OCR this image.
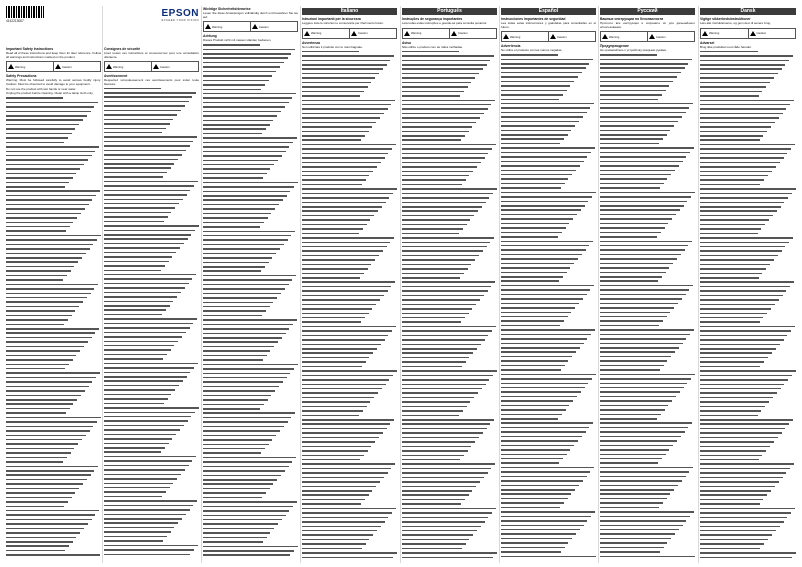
4142213067
Important Safety Instructions
Read all of these instructions and keep them for later reference. Follow all warnings and instructions marked on the product.
Warning	Caution
Safety Precautions
Warning: Must be followed carefully to avoid serious bodily injury. Caution: Must be observed to avoid damage to your equipment.
Do not use the product with wet hands or near water.
Unplug the product before cleaning. Clean with a damp cloth only.
EPSON
EXCEED YOUR VISION
Consignes de sécurité
Lisez toutes ces instructions et conservez-les pour une consultation ultérieure.
Warning	Caution
Avertissement
Respectez scrupuleusement ces avertissements pour éviter toute blessure.
Wichtige Sicherheitshinweise
Lesen Sie diese Anweisungen vollständig durch und bewahren Sie sie auf.
Warning	Caution
Achtung
Dieses Produkt nicht mit nassen Händen bedienen.
Italiano
Istruzioni importanti per la sicurezza
Leggere tutte le istruzioni e conservarle per riferimento futuro.
Warning	Caution
Avvertenza
Non utilizzare il prodotto con le mani bagnate.
Português
Instruções de segurança importantes
Leia todas estas instruções e guarde-as para consulta posterior.
Warning	Caution
Aviso
Não utilize o produto com as mãos molhadas.
Español
Instrucciones importantes de seguridad
Lea todas estas instrucciones y guárdelas para consultarlas en el futuro.
Warning	Caution
Advertencia
No utilice el producto con las manos mojadas.
Русский
Важные инструкции по безопасности
Прочтите все инструкции и сохраните их для дальнейшего использования.
Warning	Caution
Предупреждение
Не прикасайтесь к устройству мокрыми руками.
Dansk
Vigtige sikkerhedsinstruktioner
Læs alle instruktionerne, og gem dem til senere brug.
Warning	Caution
Advarsel
Brug ikke produktet med våde hænder.
